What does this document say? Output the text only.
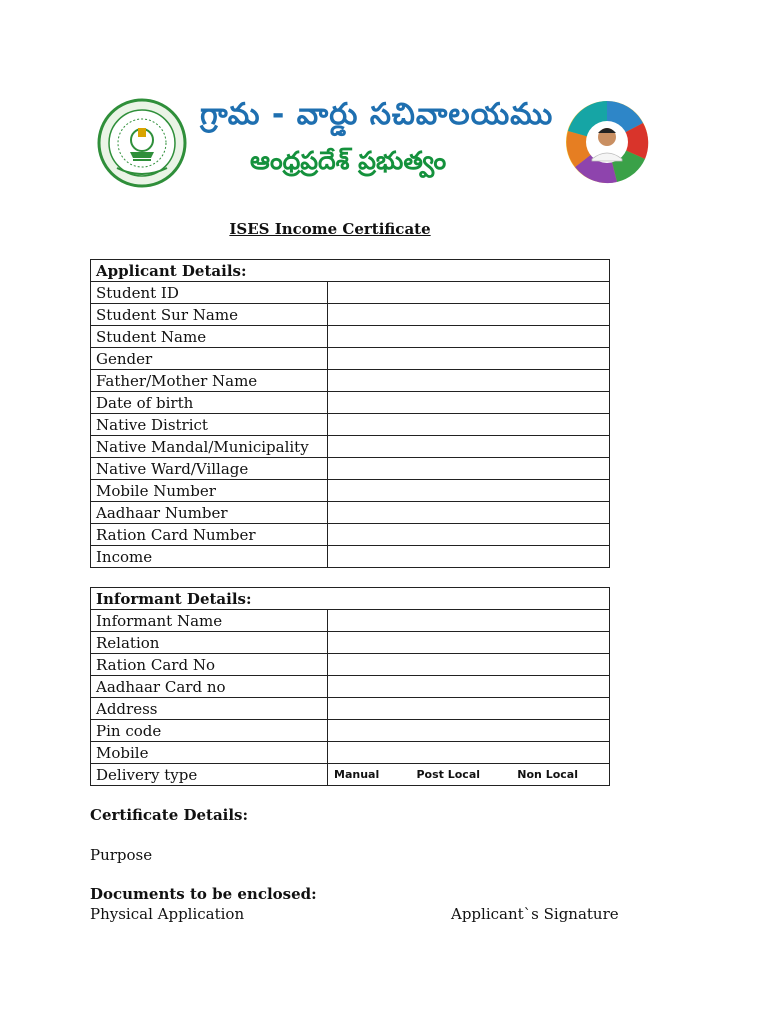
గ్రామ - వార్డు సచివాలయము
ఆంధ్రప్రదేశ్ ప్రభుత్వం
ISES Income Certificate
Applicant Details:	
Student ID	
Student Sur Name	
Student Name	
Gender	
Father/Mother Name	
Date of birth	
Native District	
Native Mandal/Municipality	
Native Ward/Village	
Mobile Number	
Aadhaar Number	
Ration Card Number	
Income	
Informant Details:	
Informant Name	
Relation	
Ration Card No	
Aadhaar Card no	
Address	
Pin code	
Mobile	
Delivery type	Manual Post Local Non Local
Certificate Details:
Purpose
Documents to be enclosed:
Physical Application	Applicant`s Signature
